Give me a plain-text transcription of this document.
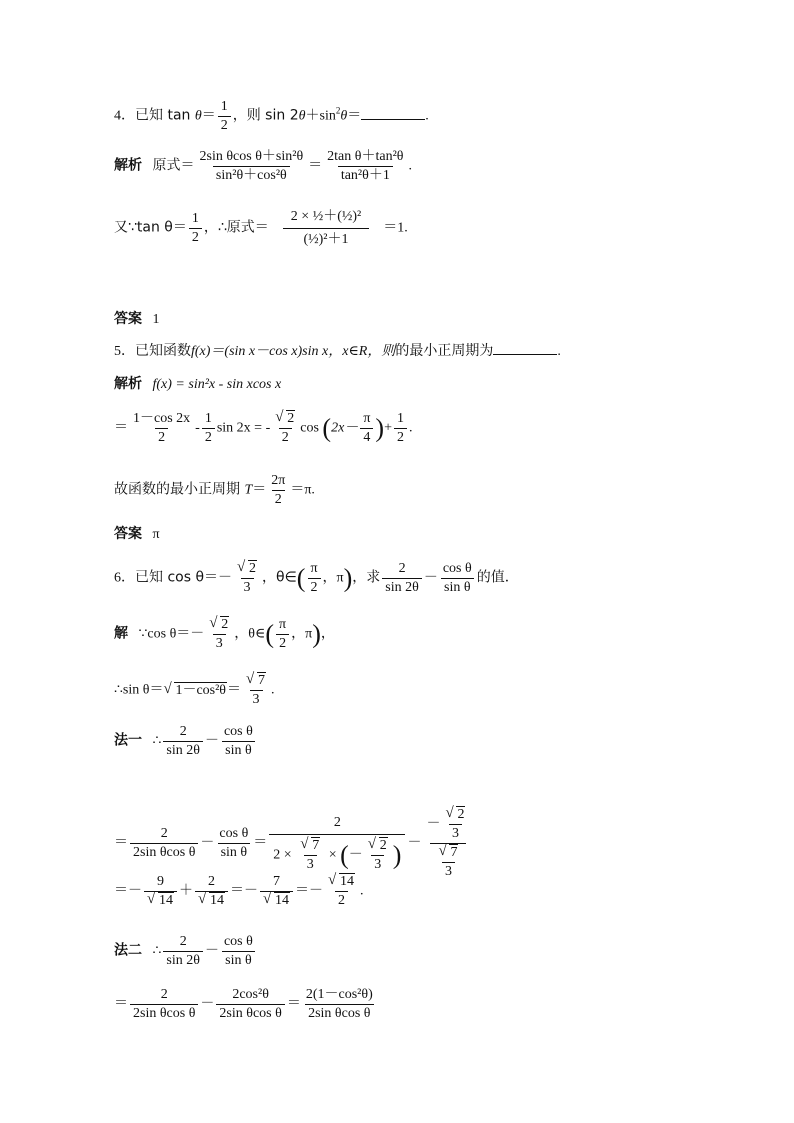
4．已知 $\tan \theta= \frac{1}{2}$ ，则 $\sin 2\theta+\sin^2\theta=$	.
解析 原式＝ $\frac{\text{2sin θcos θ＋sin²θ}}{\text{sin²θ＋cos²θ}} = \frac{\text{2tan θ＋tan²θ}}{\text{tan²θ＋1}}$ .
又∵tan $\theta= \frac{1}{2}$ ，∴原式＝ $\frac{\text{2 × ½＋(½)²}}{\text{(½)²＋1}} =1$.
答案 1
5．已知函数f(x)＝(sin x－cos x)sin x，x∈R，则的最小正周期为	.
解析 f(x) = sin²x - sin xcos x
＝ $\frac{1-\cos 2x}{2} - \frac{1}{2}$ sin 2x = -
√ $\frac{2}{2}$ $\cos (2x- \frac{\pi}{4}$ )+ $\frac{1}{2}$ .
故函数的最小正周期 $T= \frac{2\pi}{2} =\pi$.
答案 π
6．已知 cos θ＝－
√ $\frac{2}{3}$ ，θ∈( $\frac{\pi}{2}$ ，π)，求 $\frac{2}{\sin 2\theta} - \frac{\text{cos θ}}{\text{sin θ}}$ 的值．
解 ∵cos θ＝－
√ $\frac{2}{3}$ ，θ∈( $\frac{\pi}{2}$ ，π)，
∴sin θ＝√ 1－cos²θ＝
√ $\frac{7}{3}$ .
法一 ∴ $\frac{2}{\sin 2\theta} - \frac{\text{cos θ}}{\text{sin θ}}$
＝ $\frac{2}{\text{2sin θcos θ}} - \frac{\text{cos θ}}{\text{sin θ}} = 2$
2 ×
√ $\frac{7}{3}$ × (－
√ $\frac{2}{3}$ ) － －
√ $\frac{2}{3}$
√ $\frac{7}{3}$
＝－ 9
√ 14 ＋ 2
√ 14 ＝－ 7
√ 14 ＝－
√ $\frac{14}{2}$ .
法二   ∴ $\frac{2}{\sin 2\theta} - \frac{\text{cos θ}}{\text{sin θ}}$
＝ $\frac{2}{\text{2sin θcos θ}} - \frac{\text{2cos²θ}}{\text{2sin θcos θ}} = \frac{\text{2(1－cos²θ)}}{\text{2sin θcos θ}}$
